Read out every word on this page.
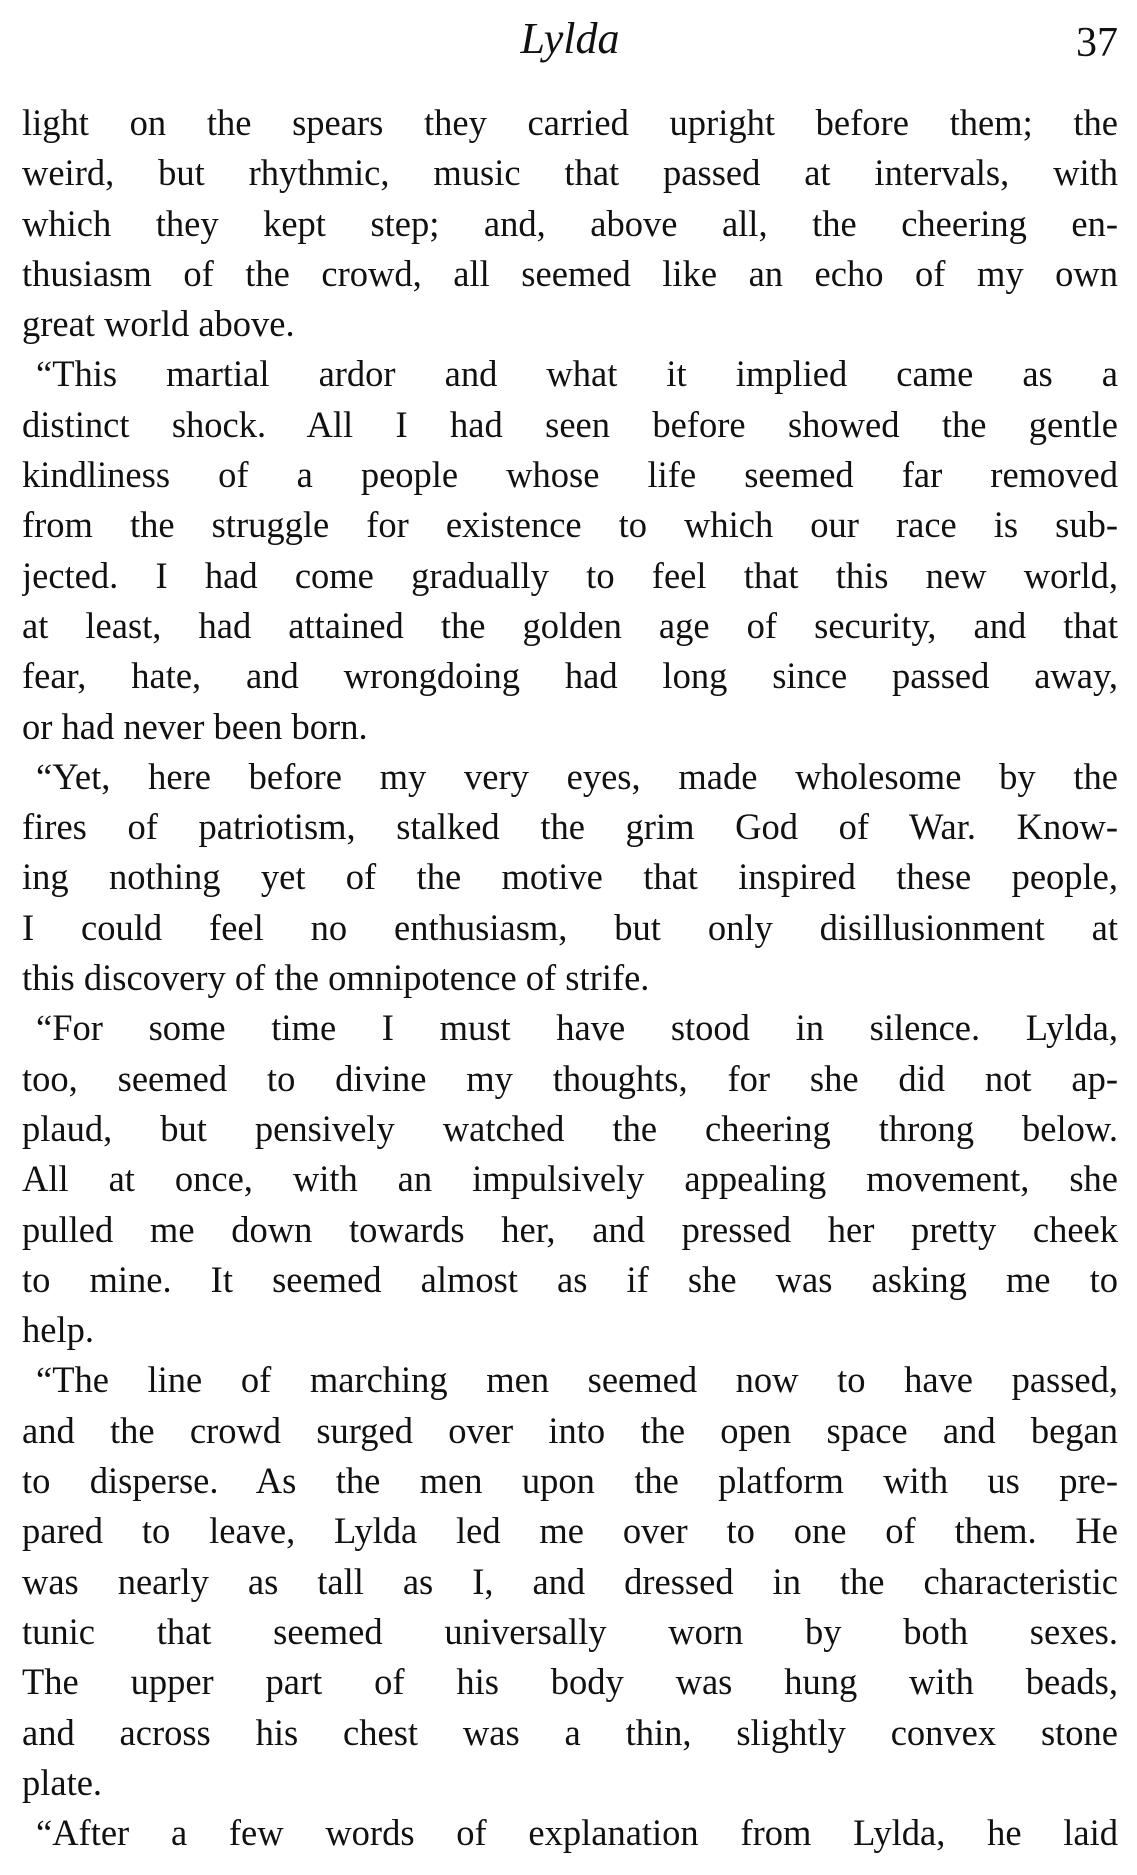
Lylda	37
light on the spears they carried upright before them; the
weird, but rhythmic, music that passed at intervals, with
which they kept step; and, above all, the cheering en-
thusiasm of the crowd, all seemed like an echo of my own
great world above.
“This martial ardor and what it implied came as a
distinct shock. All I had seen before showed the gentle
kindliness of a people whose life seemed far removed
from the struggle for existence to which our race is sub-
jected. I had come gradually to feel that this new world,
at least, had attained the golden age of security, and that
fear, hate, and wrongdoing had long since passed away,
or had never been born.
“Yet, here before my very eyes, made wholesome by the
fires of patriotism, stalked the grim God of War. Know-
ing nothing yet of the motive that inspired these people,
I could feel no enthusiasm, but only disillusionment at
this discovery of the omnipotence of strife.
“For some time I must have stood in silence. Lylda,
too, seemed to divine my thoughts, for she did not ap-
plaud, but pensively watched the cheering throng below.
All at once, with an impulsively appealing movement, she
pulled me down towards her, and pressed her pretty cheek
to mine. It seemed almost as if she was asking me to
help.
“The line of marching men seemed now to have passed,
and the crowd surged over into the open space and began
to disperse. As the men upon the platform with us pre-
pared to leave, Lylda led me over to one of them. He
was nearly as tall as I, and dressed in the characteristic
tunic that seemed universally worn by both sexes.
The upper part of his body was hung with beads,
and across his chest was a thin, slightly convex stone
plate.
“After a few words of explanation from Lylda, he laid
